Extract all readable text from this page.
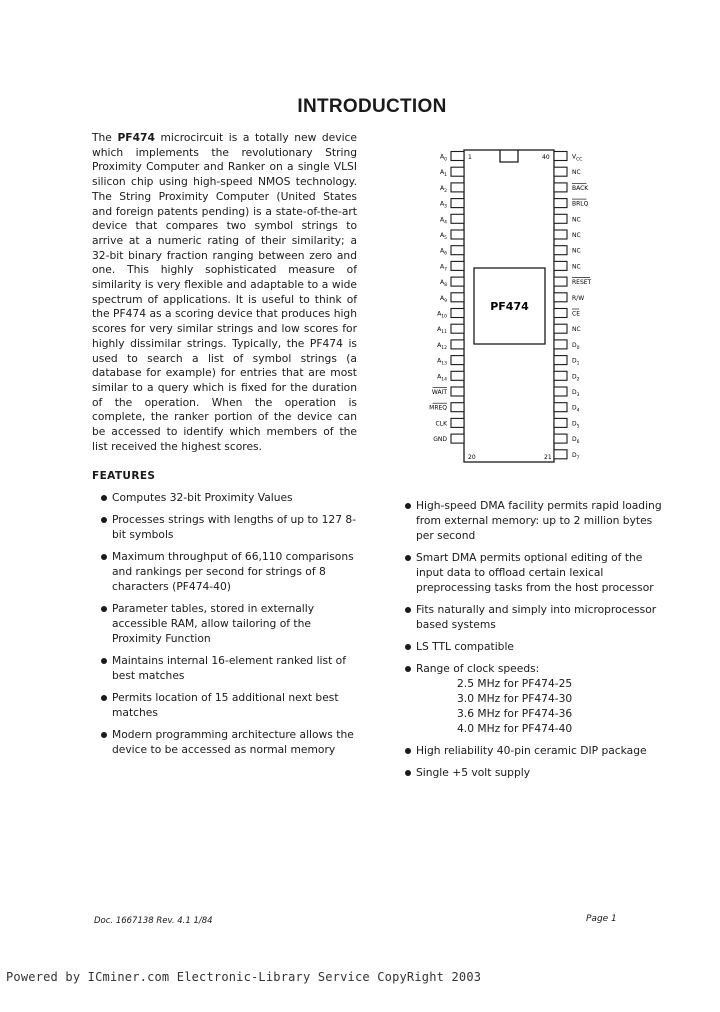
INTRODUCTION
The PF474 microcircuit is a totally new device which implements the revolutionary String Proximity Computer and Ranker on a single VLSI silicon chip using high-speed NMOS technology. The String Proximity Computer (United States and foreign patents pending) is a state-of-the-art device that compares two symbol strings to arrive at a numeric rating of their similarity; a 32-bit binary fraction ranging between zero and one. This highly sophisticated measure of similarity is very flexible and adaptable to a wide spectrum of applications. It is useful to think of the PF474 as a scoring device that produces high scores for very similar strings and low scores for highly dissimilar strings. Typically, the PF474 is used to search a list of symbol strings (a database for example) for entries that are most similar to a query which is fixed for the duration of the operation. When the operation is complete, the ranker portion of the device can be accessed to identify which members of the list received the highest scores.
PF474
1	40
20	21
$A_0$
$A_1$
$A_2$
$A_3$
$A_4$
$A_5$
$A_6$
$A_7$
$A_8$
$A_9$
$A_{10}$
$A_{11}$
$A_{12}$
$A_{13}$
$A_{14}$
WAIT
MREQ
CLK
GND
$V_{CC}$
NC
BACK
BRLQ
NC
NC
NC
NC
RESET
R/W
CE
NC
$D_0$
$D_1$
$D_2$
$D_3$
$D_4$
$D_5$
$D_6$
$D_7$
FEATURES
Computes 32-bit Proximity Values
Processes strings with lengths of up to 127 8-bit symbols
Maximum throughput of 66,110 comparisons and rankings per second for strings of 8 characters (PF474-40)
Parameter tables, stored in externally accessible RAM, allow tailoring of the Proximity Function
Maintains internal 16-element ranked list of best matches
Permits location of 15 additional next best matches
Modern programming architecture allows the device to be accessed as normal memory
High-speed DMA facility permits rapid loading from external memory: up to 2 million bytes per second
Smart DMA permits optional editing of the input data to offload certain lexical preprocessing tasks from the host processor
Fits naturally and simply into microprocessor based systems
LS TTL compatible
Range of clock speeds:
2.5 MHz for PF474-25
3.0 MHz for PF474-30
3.6 MHz for PF474-36
4.0 MHz for PF474-40
High reliability 40-pin ceramic DIP package
Single +5 volt supply
Doc. 1667138 Rev. 4.1 1/84	Page 1
Powered by ICminer.com Electronic-Library Service CopyRight 2003
